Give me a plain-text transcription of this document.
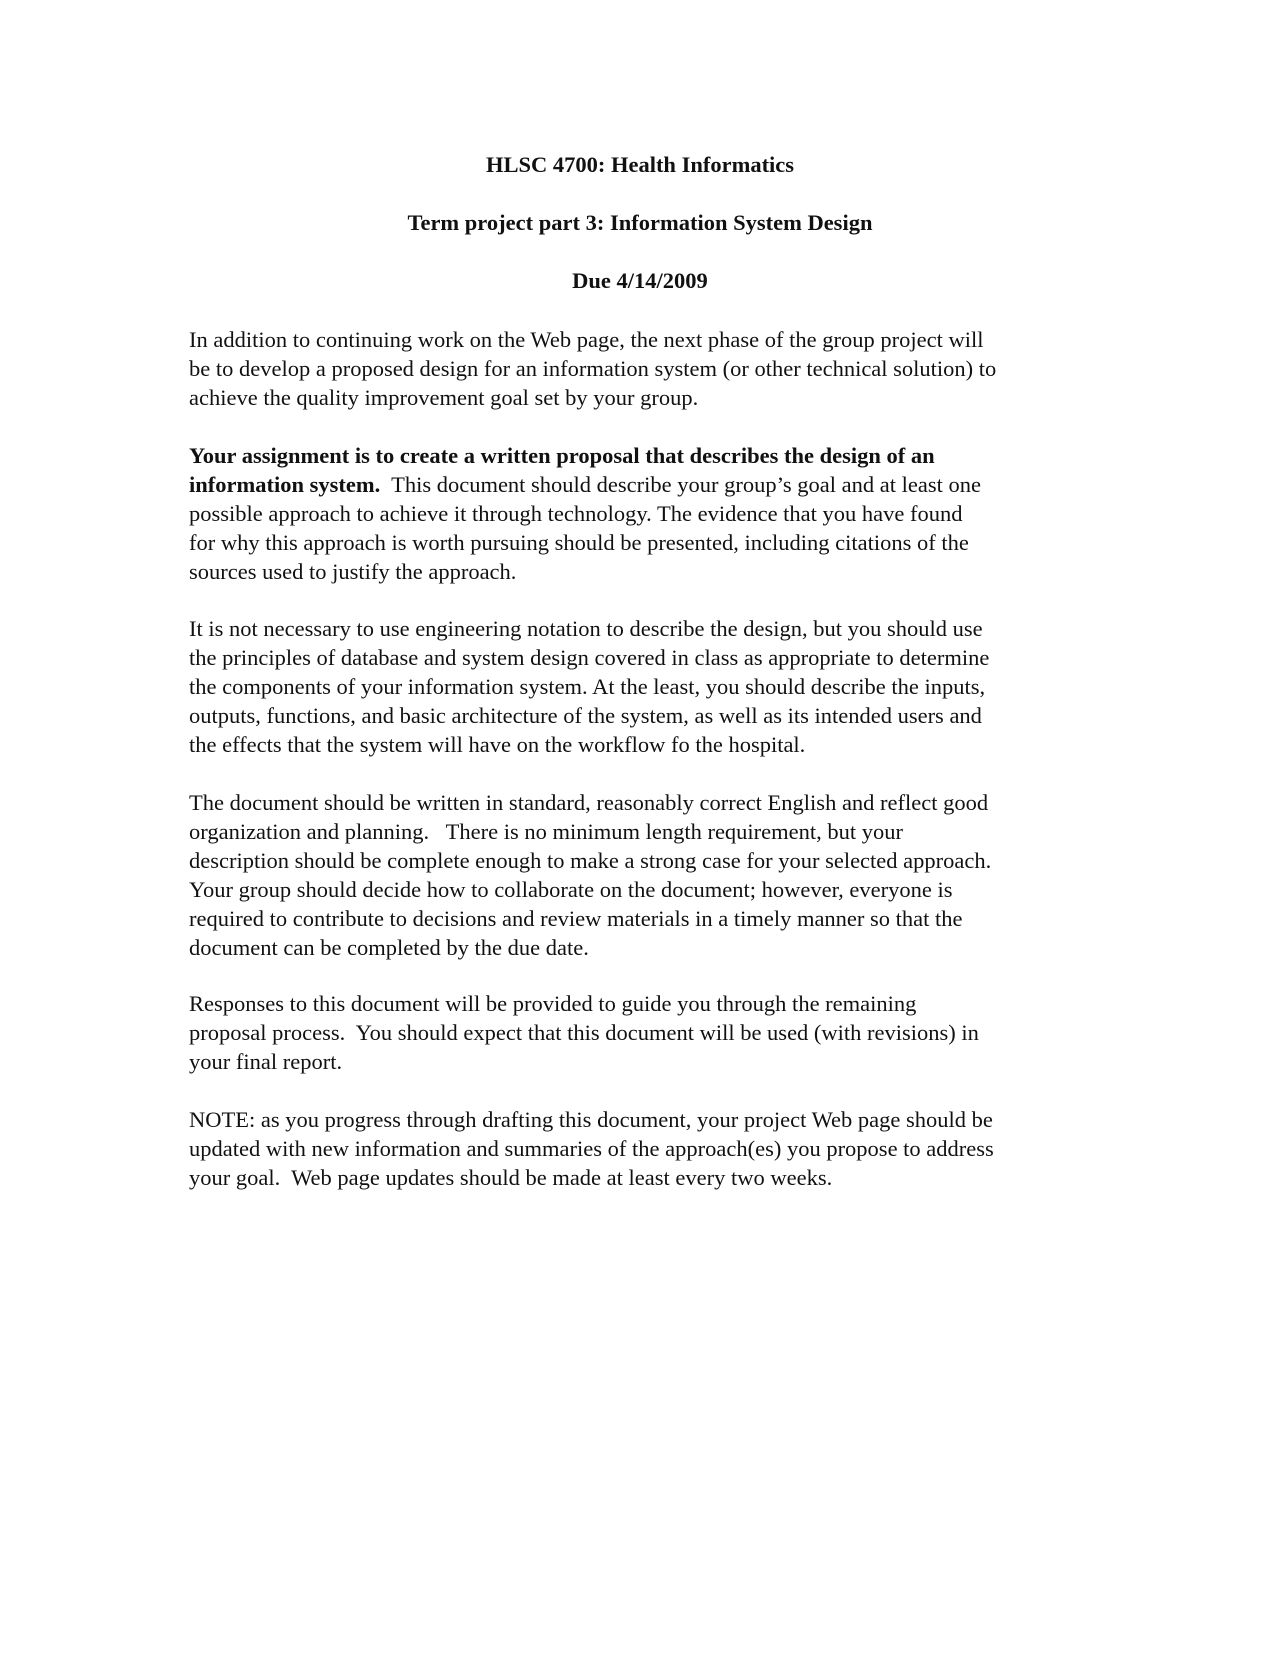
HLSC 4700: Health Informatics
Term project part 3: Information System Design
Due 4/14/2009

In addition to continuing work on the Web page, the next phase of the group project will
be to develop a proposed design for an information system (or other technical solution) to
achieve the quality improvement goal set by your group.

Your assignment is to create a written proposal that describes the design of an
information system.  This document should describe your group’s goal and at least one
possible approach to achieve it through technology. The evidence that you have found
for why this approach is worth pursuing should be presented, including citations of the
sources used to justify the approach.

It is not necessary to use engineering notation to describe the design, but you should use
the principles of database and system design covered in class as appropriate to determine
the components of your information system. At the least, you should describe the inputs,
outputs, functions, and basic architecture of the system, as well as its intended users and
the effects that the system will have on the workflow fo the hospital.

The document should be written in standard, reasonably correct English and reflect good
organization and planning.   There is no minimum length requirement, but your
description should be complete enough to make a strong case for your selected approach.
Your group should decide how to collaborate on the document; however, everyone is
required to contribute to decisions and review materials in a timely manner so that the
document can be completed by the due date.

Responses to this document will be provided to guide you through the remaining
proposal process.  You should expect that this document will be used (with revisions) in
your final report.

NOTE: as you progress through drafting this document, your project Web page should be
updated with new information and summaries of the approach(es) you propose to address
your goal.  Web page updates should be made at least every two weeks.
